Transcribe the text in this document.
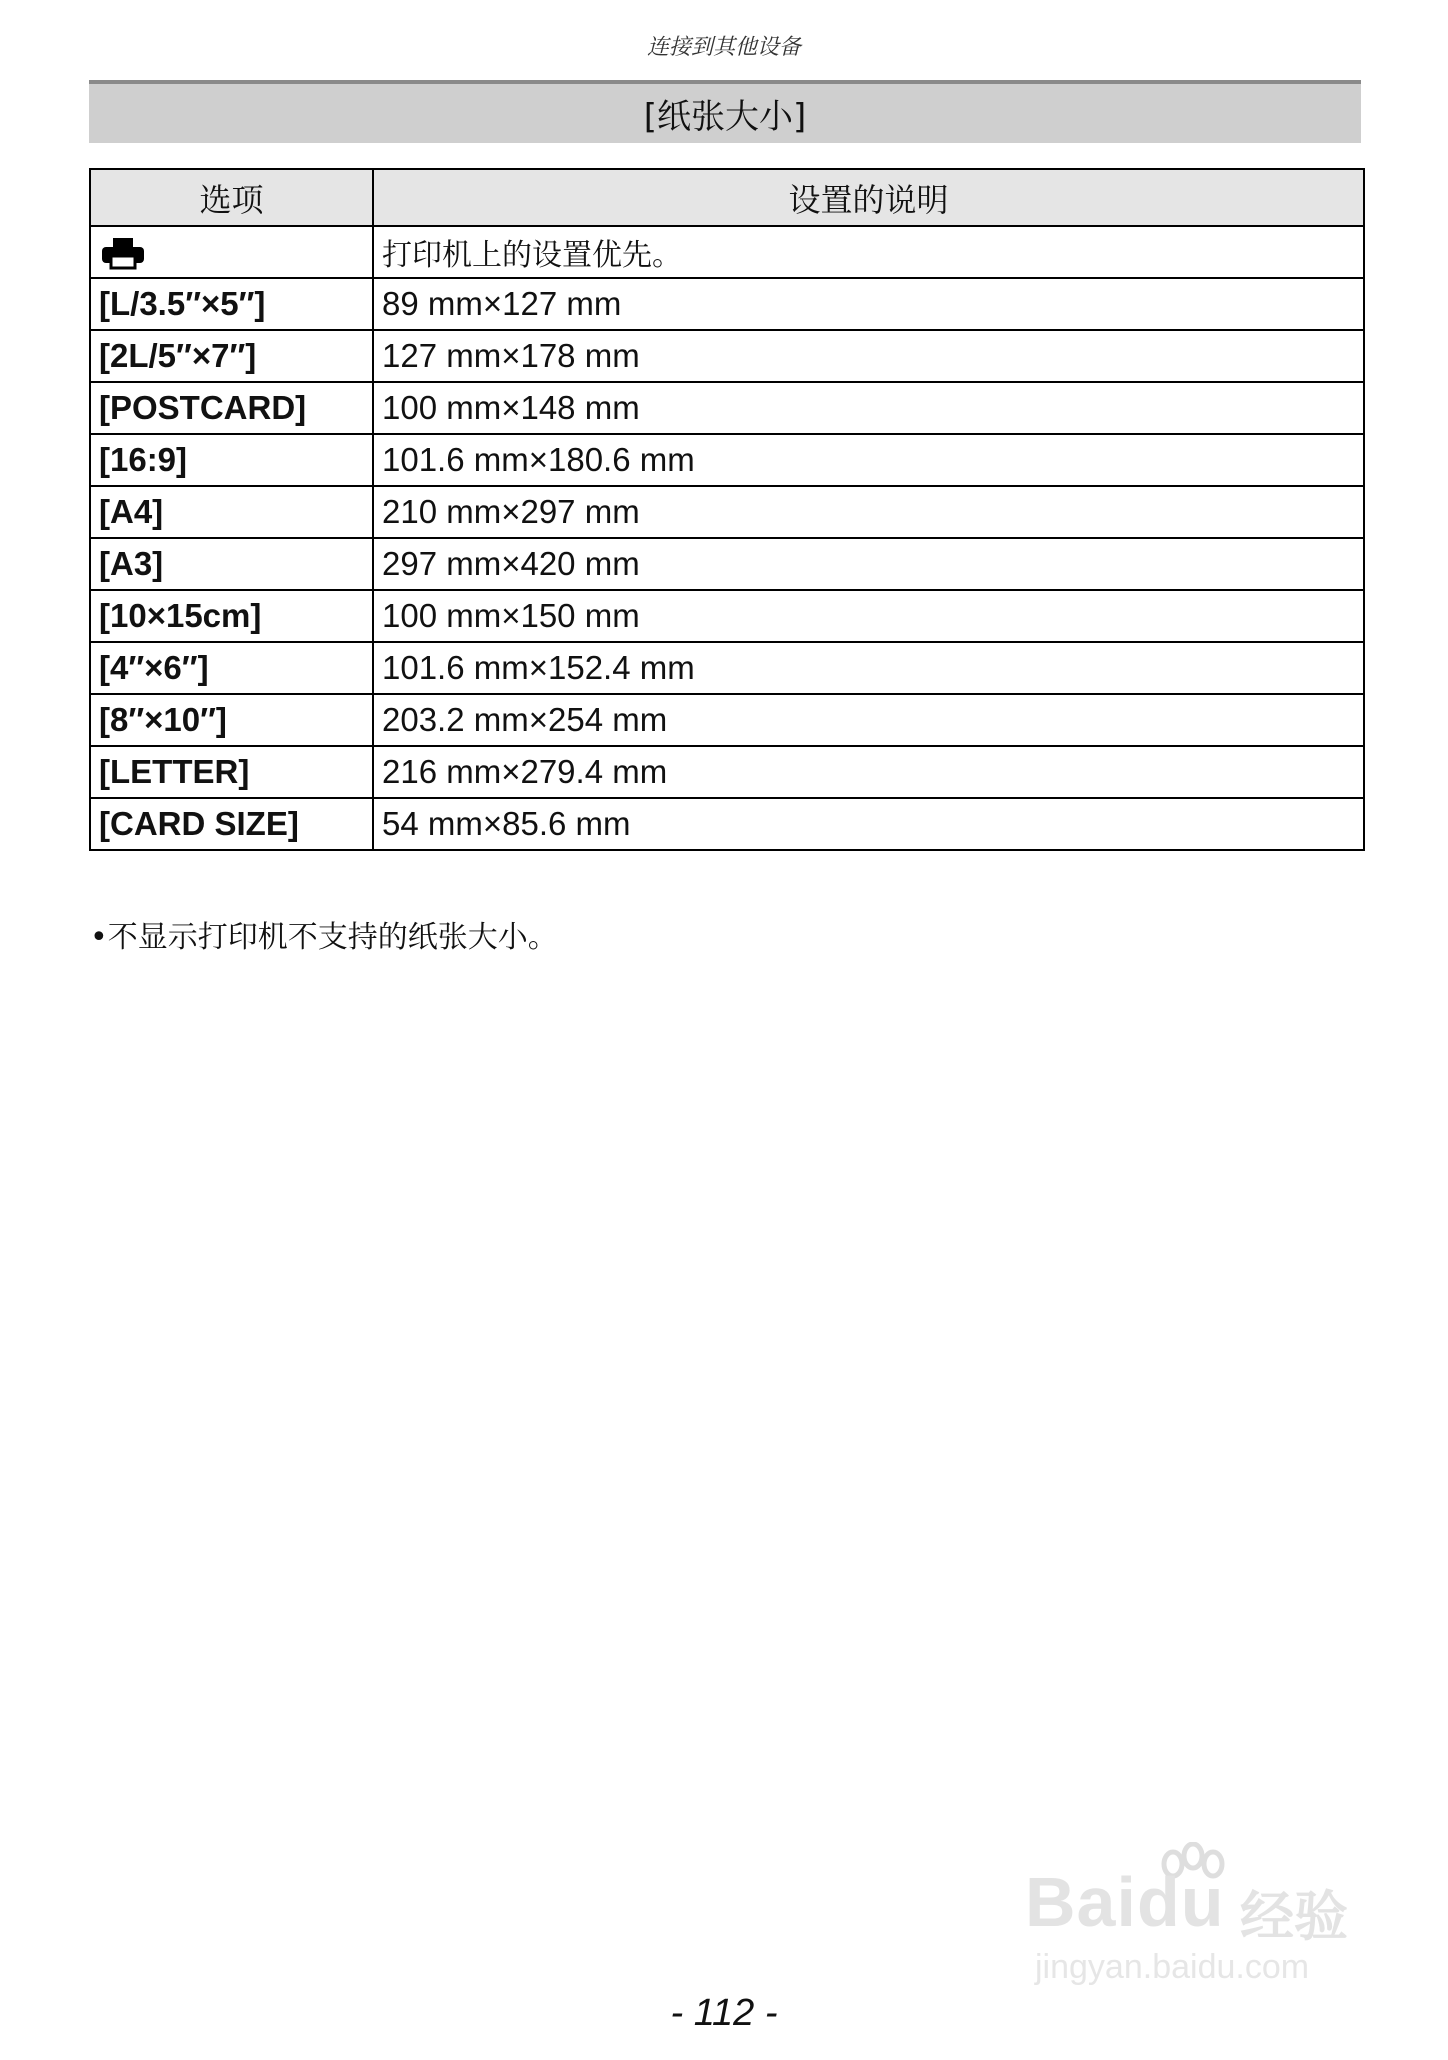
连接到其他设备
[纸张大小]
选项	设置的说明
	打印机上的设置优先。
[L/3.5″×5″]	89 mm×127 mm
[2L/5″×7″]	127 mm×178 mm
[POSTCARD]	100 mm×148 mm
[16:9]	101.6 mm×180.6 mm
[A4]	210 mm×297 mm
[A3]	297 mm×420 mm
[10×15cm]	100 mm×150 mm
[4″×6″]	101.6 mm×152.4 mm
[8″×10″]	203.2 mm×254 mm
[LETTER]	216 mm×279.4 mm
[CARD SIZE]	54 mm×85.6 mm
•不显示打印机不支持的纸张大小。
Baidu 经验
jingyan.baidu.com
- 112 -
